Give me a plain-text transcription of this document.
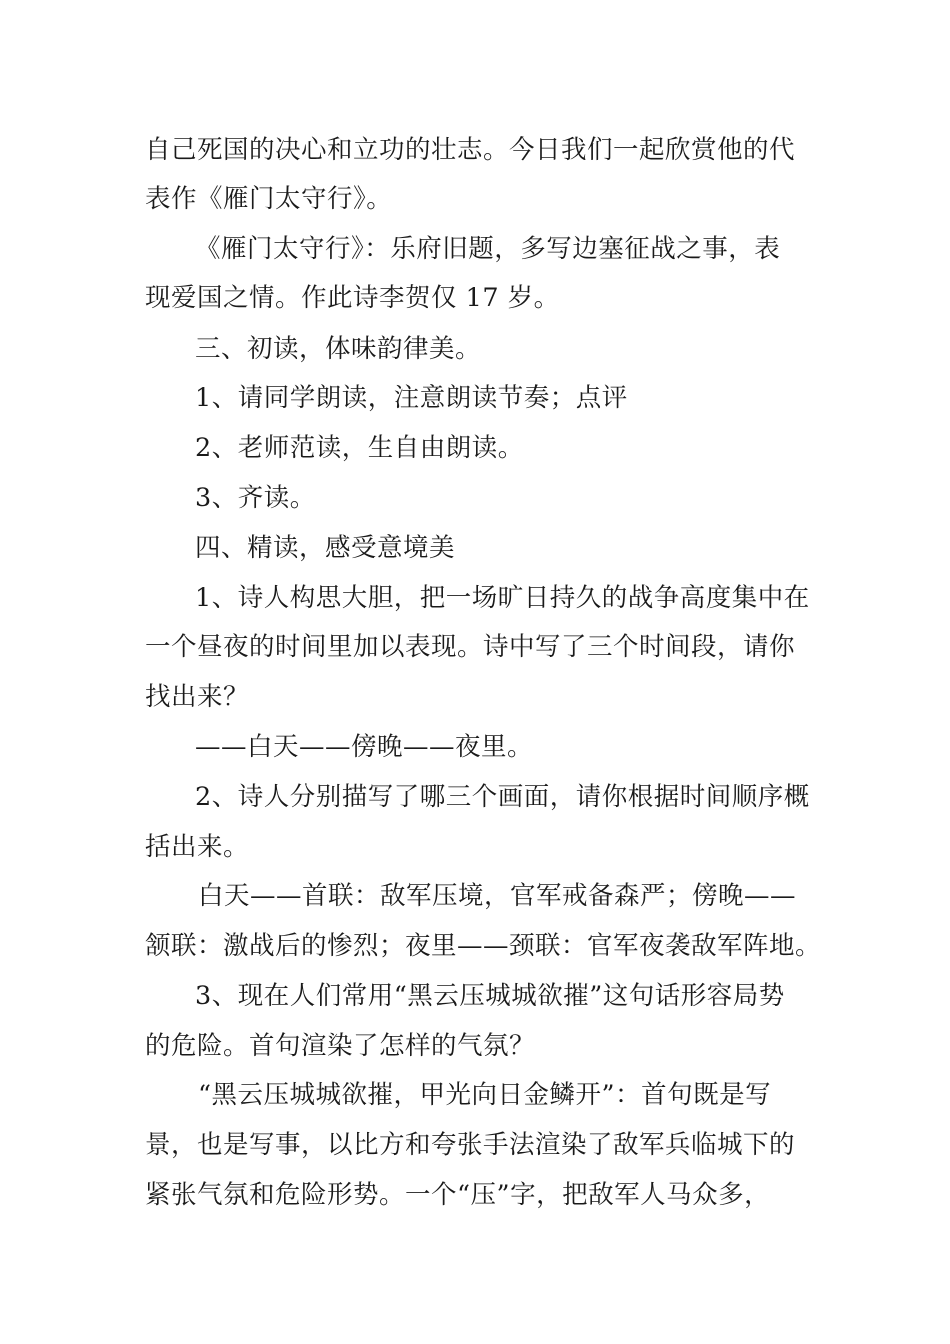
自己死国的决心和立功的壮志。今日我们一起欣赏他的代
表作《雁门太守行》。
《雁门太守行》：乐府旧题，多写边塞征战之事，表
现爱国之情。作此诗李贺仅 17 岁。
三、初读，体味韵律美。
1、请同学朗读，注意朗读节奏；点评
2、老师范读，生自由朗读。
3、齐读。
四、精读，感受意境美
1、诗人构思大胆，把一场旷日持久的战争高度集中在
一个昼夜的时间里加以表现。诗中写了三个时间段，请你
找出来？
——白天——傍晚——夜里。
2、诗人分别描写了哪三个画面，请你根据时间顺序概
括出来。
白天——首联：敌军压境，官军戒备森严；傍晚——
颔联：激战后的惨烈；夜里——颈联：官军夜袭敌军阵地。
3、现在人们常用“黑云压城城欲摧”这句话形容局势
的危险。首句渲染了怎样的气氛？
“黑云压城城欲摧，甲光向日金鳞开”：首句既是写
景，也是写事，以比方和夸张手法渲染了敌军兵临城下的
紧张气氛和危险形势。一个“压”字，把敌军人马众多，
